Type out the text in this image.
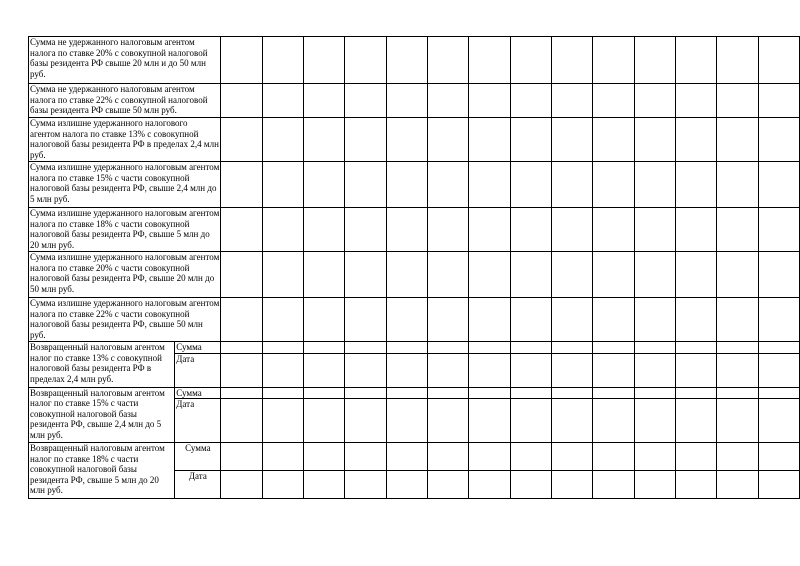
Сумма не удержанного налоговым агентом налога по ставке 20% с совокупной налоговой базы резидента РФ свыше 20 млн и до 50 млн руб.															
Сумма не удержанного налоговым агентом налога по ставке 22% с совокупной налоговой базы резидента РФ свыше 50 млн руб.															
Сумма излишне удержанного налогового агентом налога по ставке 13% с совокупной налоговой базы резидента РФ в пределах 2,4 млн руб.															
Сумма излишне удержанного налоговым агентом налога по ставке 15% с части совокупной налоговой базы резидента РФ, свыше 2,4 млн до 5 млн руб.															
Сумма излишне удержанного налоговым агентом налога по ставке 18% с части совокупной налоговой базы резидента РФ, свыше 5 млн до 20 млн руб.															
Сумма излишне удержанного налоговым агентом налога по ставке 20% с части совокупной налоговой базы резидента РФ, свыше 20 млн до 50 млн руб.															
Сумма излишне удержанного налоговым агентом налога по ставке 22% с части совокупной налоговой базы резидента РФ, свыше 50 млн руб.															
Возвращенный налоговым агентом налог по ставке 13% с совокупной налоговой базы резидента РФ в пределах 2,4 млн руб.	Сумма														
	Дата														
Возвращенный налоговым агентом налог по ставке 15% с части совокупной налоговой базы резидента РФ, свыше 2,4 млн до 5 млн руб.	Сумма														
	Дата														
Возвращенный налоговым агентом налог по ставке 18% с части совокупной налоговой базы резидента РФ, свыше 5 млн до 20 млн руб.	Сумма														
	Дата														
